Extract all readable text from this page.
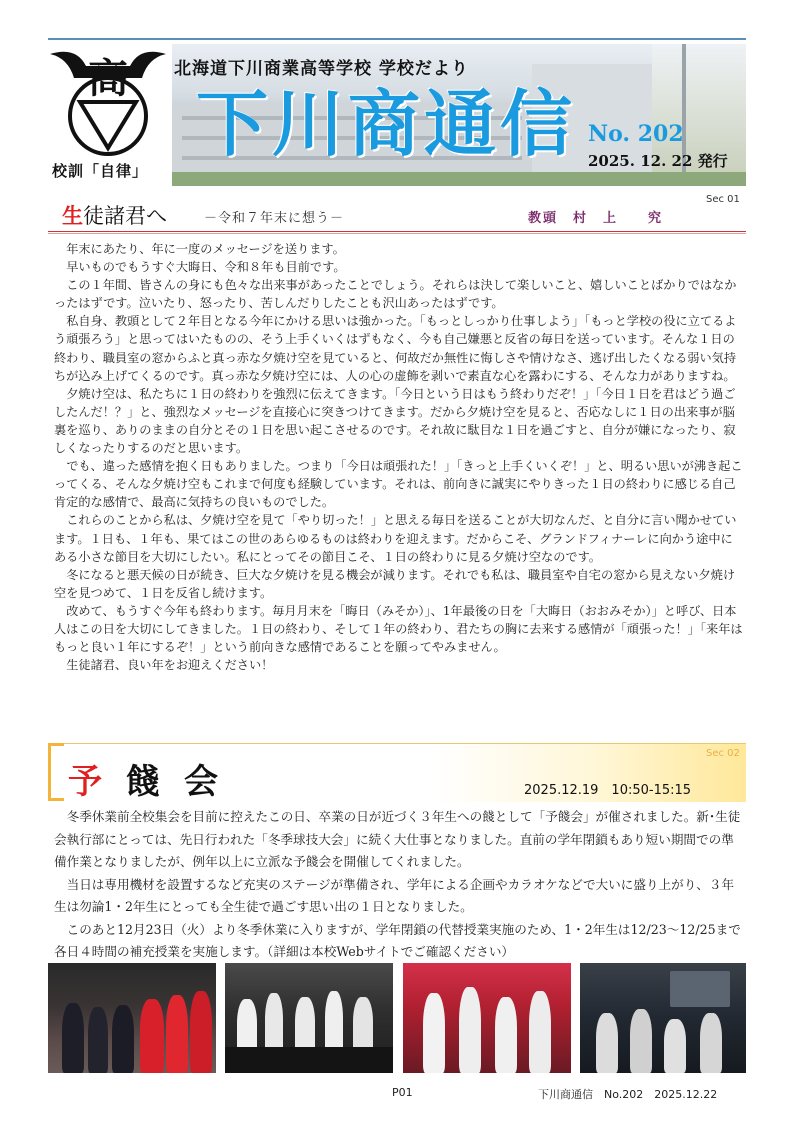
高
校訓「自律」
北海道下川商業高等学校 学校だより
下川商通信 No. 202
2025. 12. 22 発行
Sec 01
生徒諸君へ	－令和７年末に想う－	教頭　村　上　　究

年末にあたり、年に一度のメッセージを送ります。

早いものでもうすぐ大晦日、令和８年も目前です。

この１年間、皆さんの身にも色々な出来事があったことでしょう。それらは決して楽しいこと、嬉しいことばかりではなかったはずです。泣いたり、怒ったり、苦しんだりしたことも沢山あったはずです。

私自身、教頭として２年目となる今年にかける思いは強かった。「もっとしっかり仕事しよう」「もっと学校の役に立てるよう頑張ろう」と思ってはいたものの、そう上手くいくはずもなく、今も自己嫌悪と反省の毎日を送っています。そんな１日の終わり、職員室の窓からふと真っ赤な夕焼け空を見ていると、何故だか無性に悔しさや情けなさ、逃げ出したくなる弱い気持ちが込み上げてくるのです。真っ赤な夕焼け空には、人の心の虚飾を剥いで素直な心を露わにする、そんな力がありますね。

夕焼け空は、私たちに１日の終わりを強烈に伝えてきます。「今日という日はもう終わりだぞ！」「今日１日を君はどう過ごしたんだ！？」と、強烈なメッセージを直接心に突きつけてきます。だから夕焼け空を見ると、否応なしに１日の出来事が脳裏を巡り、ありのままの自分とその１日を思い起こさせるのです。それ故に駄目な１日を過ごすと、自分が嫌になったり、寂しくなったりするのだと思います。

でも、違った感情を抱く日もありました。つまり「今日は頑張れた！」「きっと上手くいくぞ！」と、明るい思いが沸き起こってくる、そんな夕焼け空もこれまで何度も経験しています。それは、前向きに誠実にやりきった１日の終わりに感じる自己肯定的な感情で、最高に気持ちの良いものでした。

これらのことから私は、夕焼け空を見て「やり切った！」と思える毎日を送ることが大切なんだ、と自分に言い聞かせています。１日も、１年も、果てはこの世のあらゆるものは終わりを迎えます。だからこそ、グランドフィナーレに向かう途中にある小さな節目を大切にしたい。私にとってその節目こそ、１日の終わりに見る夕焼け空なのです。

冬になると悪天候の日が続き、巨大な夕焼けを見る機会が減ります。それでも私は、職員室や自宅の窓から見えない夕焼け空を見つめて、１日を反省し続けます。

改めて、もうすぐ今年も終わります。毎月月末を「晦日（みそか）」、1年最後の日を「大晦日（おおみそか）」と呼び、日本人はこの日を大切にしてきました。１日の終わり、そして１年の終わり、君たちの胸に去来する感情が「頑張った！」「来年はもっと良い１年にするぞ！」という前向きな感情であることを願ってやみません。

生徒諸君、良い年をお迎えください！

Sec 02
予餞会	2025.12.19　10:50-15:15

冬季休業前全校集会を目前に控えたこの日、卒業の日が近づく３年生への餞として「予餞会」が催されました。新･生徒会執行部にとっては、先日行われた「冬季球技大会」に続く大仕事となりました。直前の学年閉鎖もあり短い期間での準備作業となりましたが、例年以上に立派な予餞会を開催してくれました。

当日は専用機材を設置するなど充実のステージが準備され、学年による企画やカラオケなどで大いに盛り上がり、３年生は勿論1・2年生にとっても全生徒で過ごす思い出の１日となりました。

このあと12月23日（火）より冬季休業に入りますが、学年閉鎖の代替授業実施のため、1・2年生は12/23～12/25まで各日４時間の補充授業を実施します。（詳細は本校Webサイトでご確認ください）

P01	下川商通信　No.202　2025.12.22
